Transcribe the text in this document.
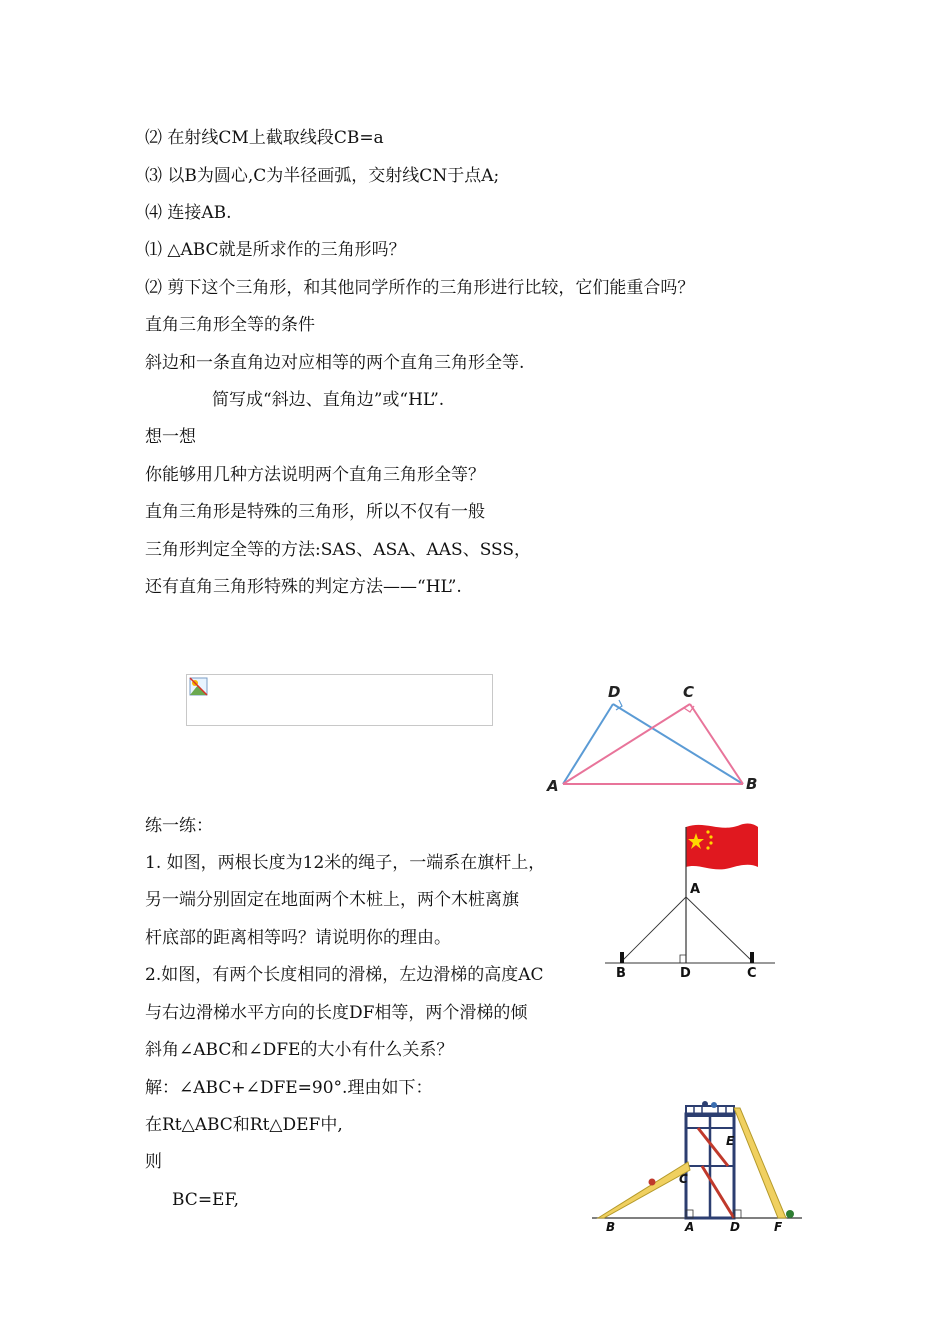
⑵ 在射线CM上截取线段CB=a
⑶ 以B为圆心,C为半径画弧，交射线CN于点A;
⑷ 连接AB.
⑴ △ABC就是所求作的三角形吗？
⑵ 剪下这个三角形，和其他同学所作的三角形进行比较，它们能重合吗？
直角三角形全等的条件
斜边和一条直角边对应相等的两个直角三角形全等.
简写成“斜边、直角边”或“HL”.
想一想
你能够用几种方法说明两个直角三角形全等？
直角三角形是特殊的三角形，所以不仅有一般
三角形判定全等的方法:SAS、ASA、AAS、SSS，
还有直角三角形特殊的判定方法——“HL”.
D	C
A	B
练一练：
1. 如图，两根长度为12米的绳子，一端系在旗杆上，
另一端分别固定在地面两个木桩上，两个木桩离旗
杆底部的距离相等吗？请说明你的理由。
2.如图，有两个长度相同的滑梯，左边滑梯的高度AC
与右边滑梯水平方向的长度DF相等，两个滑梯的倾
斜角∠ABC和∠DFE的大小有什么关系？
解：∠ABC+∠DFE=90°.理由如下：
在Rt△ABC和Rt△DEF中,
则
BC=EF,
A
B	D	C
E
C
B	A	D	F
